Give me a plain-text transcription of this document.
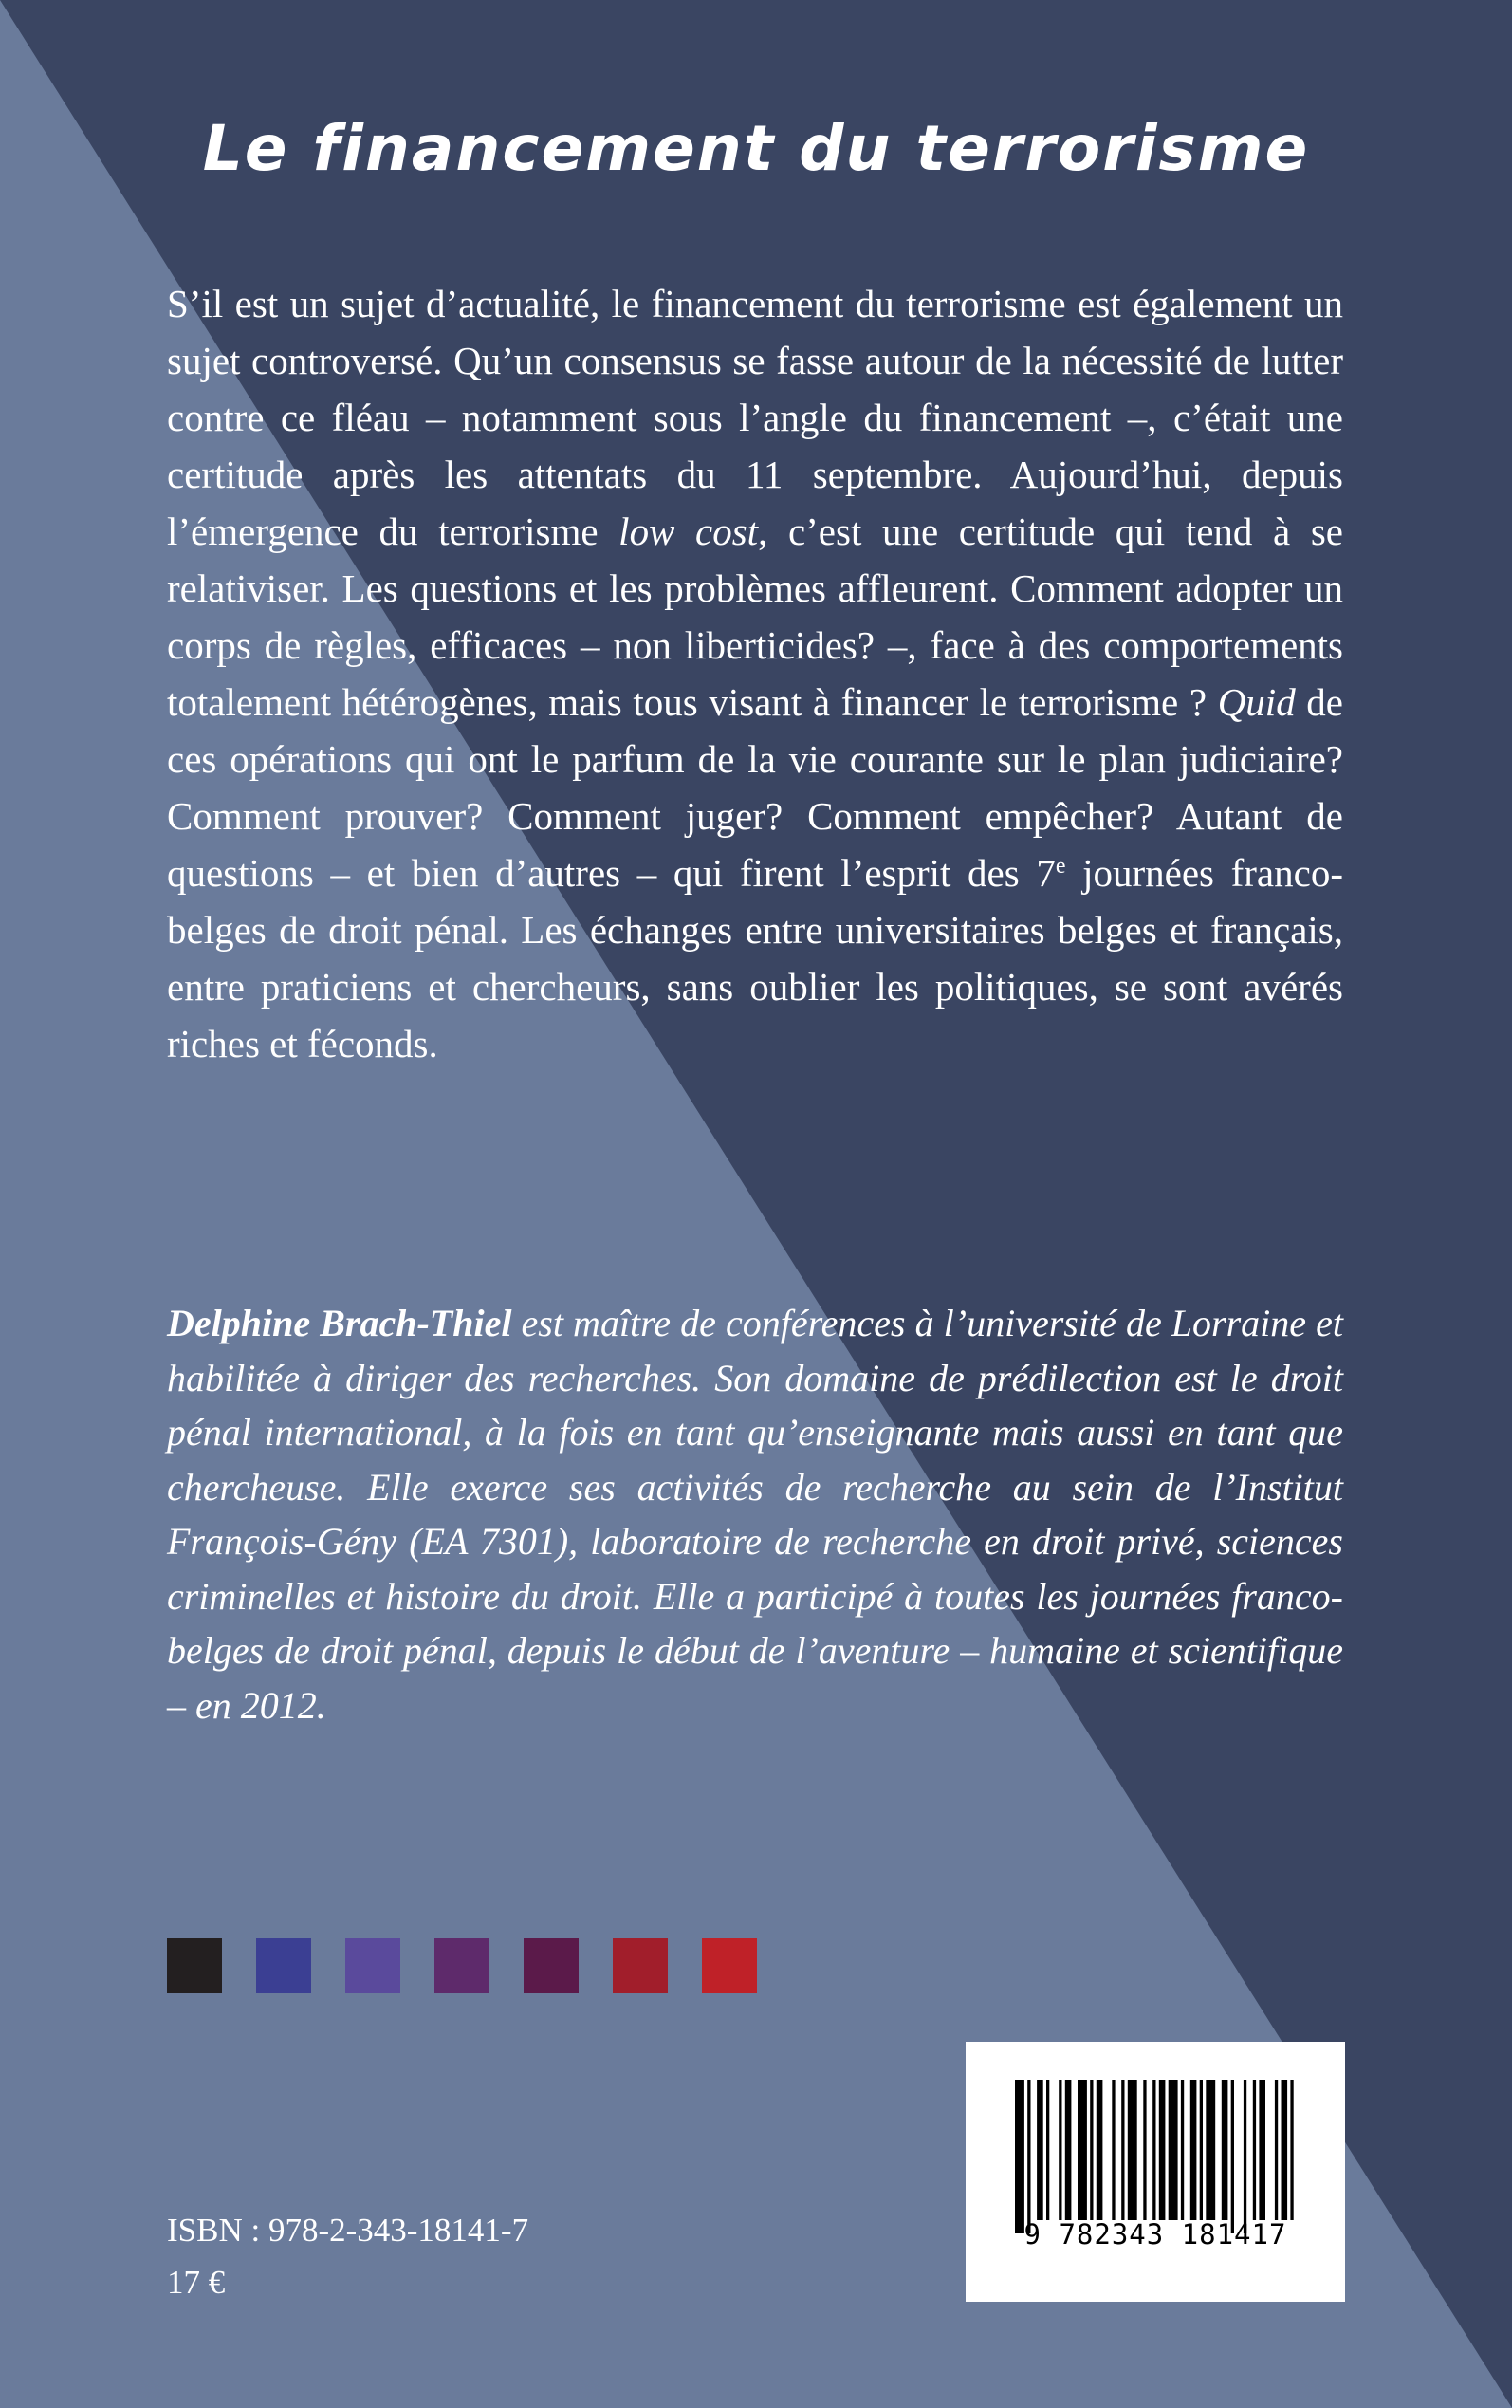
Le financement du terrorisme

S’il est un sujet d’actualité, le financement du terrorisme est également un sujet controversé. Qu’un consensus se fasse autour de la nécessité de lutter contre ce fléau – notamment sous l’angle du financement –, c’était une certitude après les attentats du 11 septembre. Aujourd’hui, depuis l’émergence du terrorisme low cost, c’est une certitude qui tend à se relativiser. Les questions et les problèmes affleurent. Comment adopter un corps de règles, efficaces – non liberticides? –, face à des comportements totalement hétérogènes, mais tous visant à financer le terrorisme ? Quid de ces opérations qui ont le parfum de la vie courante sur le plan judiciaire? Comment prouver? Comment juger? Comment empêcher? Autant de questions – et bien d’autres – qui firent l’esprit des 7e journées franco-belges de droit pénal. Les échanges entre universitaires belges et français, entre praticiens et chercheurs, sans oublier les politiques, se sont avérés riches et féconds.

Delphine Brach-Thiel est maître de conférences à l’université de Lorraine et habilitée à diriger des recherches. Son domaine de prédilection est le droit pénal international, à la fois en tant qu’enseignante mais aussi en tant que chercheuse. Elle exerce ses activités de recherche au sein de l’Institut François-Gény (EA 7301), laboratoire de recherche en droit privé, sciences criminelles et histoire du droit. Elle a participé à toutes les journées franco-belges de droit pénal, depuis le début de l’aventure – humaine et scientifique – en 2012.

ISBN : 978-2-343-18141-7
17 €
9 782343 181417
